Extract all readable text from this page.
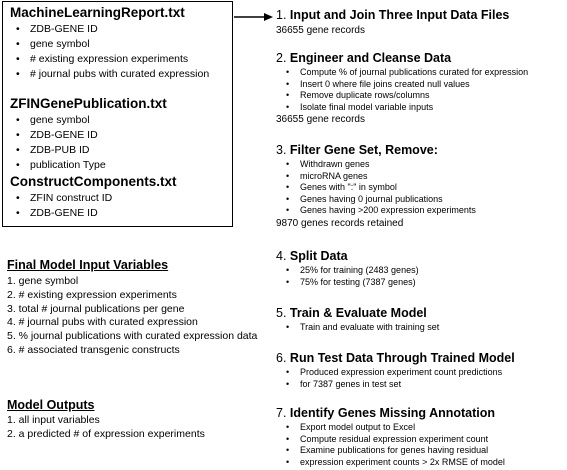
MachineLearningReport.txt
• ZDB-GENE ID
• gene symbol
• # existing expression experiments
• # journal pubs with curated expression
ZFINGenePublication.txt
• gene symbol
• ZDB-GENE ID
• ZDB-PUB ID
• publication Type
ConstructComponents.txt
• ZFIN construct ID
• ZDB-GENE ID
Final Model Input Variables
1. gene symbol
2. # existing expression experiments
3. total # journal publications per gene
4. # journal pubs with curated expression
5. % journal publications with curated expression data
6. # associated transgenic constructs
Model Outputs
1. all input variables
2. a predicted # of expression experiments
1. Input and Join Three Input Data Files
36655 gene records
2. Engineer and Cleanse Data
• Compute % of journal publications curated for expression
• Insert 0 where file joins created null values
• Remove duplicate rows/columns
• Isolate final model variable inputs
36655 gene records
3. Filter Gene Set, Remove:
• Withdrawn genes
• microRNA genes
• Genes with ":" in symbol
• Genes having 0 journal publications
• Genes having >200 expression experiments
9870 genes records retained
4. Split Data
• 25% for training (2483 genes)
• 75% for testing (7387 genes)
5. Train & Evaluate Model
• Train and evaluate with training set
6. Run Test Data Through Trained Model
• Produced expression experiment count predictions
• for 7387 genes in test set
7. Identify Genes Missing Annotation
• Export model output to Excel
• Compute residual expression experiment count
• Examine publications for genes having residual
• expression experiment counts > 2x RMSE of model
